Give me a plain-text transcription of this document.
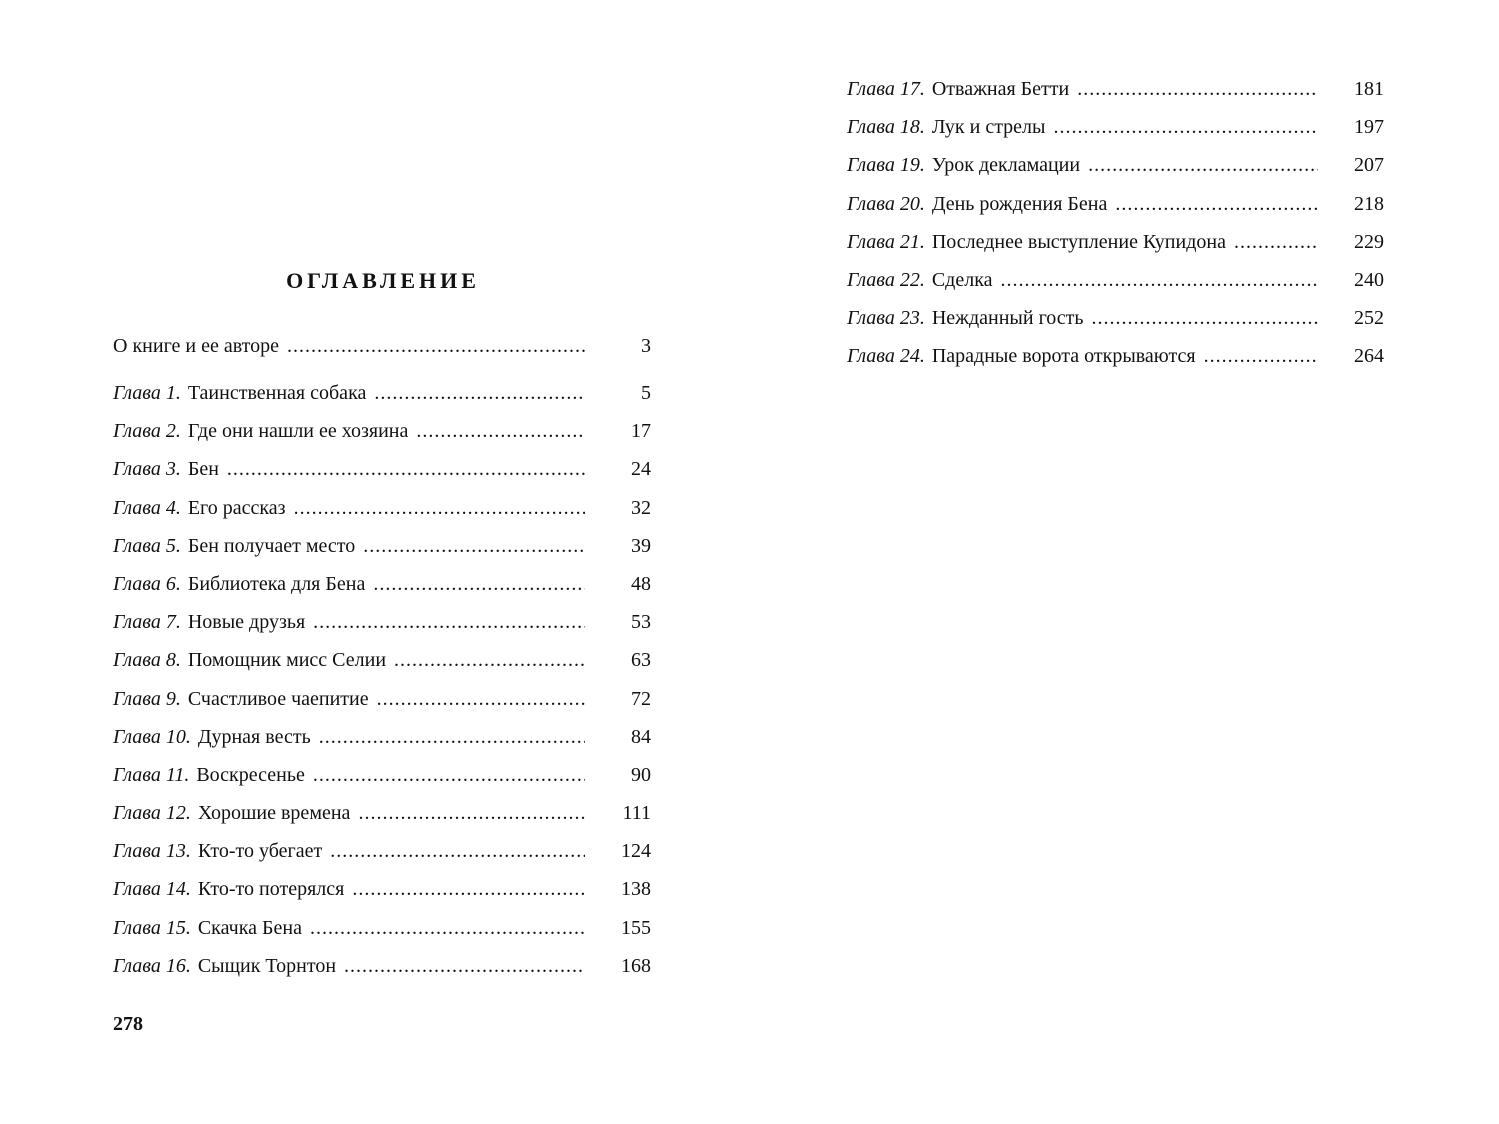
ОГЛАВЛЕНИЕ
О книге и ее авторе .....	3
Глава 1. Таинственная собака .....	5
Глава 2. Где они нашли ее хозяина .....	17
Глава 3. Бен .....	24
Глава 4. Его рассказ .....	32
Глава 5. Бен получает место .....	39
Глава 6. Библиотека для Бена .....	48
Глава 7. Новые друзья .....	53
Глава 8. Помощник мисс Селии .....	63
Глава 9. Счастливое чаепитие .....	72
Глава 10. Дурная весть .....	84
Глава 11. Воскресенье .....	90
Глава 12. Хорошие времена .....	111
Глава 13. Кто-то убегает .....	124
Глава 14. Кто-то потерялся .....	138
Глава 15. Скачка Бена .....	155
Глава 16. Сыщик Торнтон .....	168
Глава 17. Отважная Бетти .....	181
Глава 18. Лук и стрелы .....	197
Глава 19. Урок декламации .....	207
Глава 20. День рождения Бена .....	218
Глава 21. Последнее выступление Купидона .....	229
Глава 22. Сделка .....	240
Глава 23. Нежданный гость .....	252
Глава 24. Парадные ворота открываются .....	264
278
